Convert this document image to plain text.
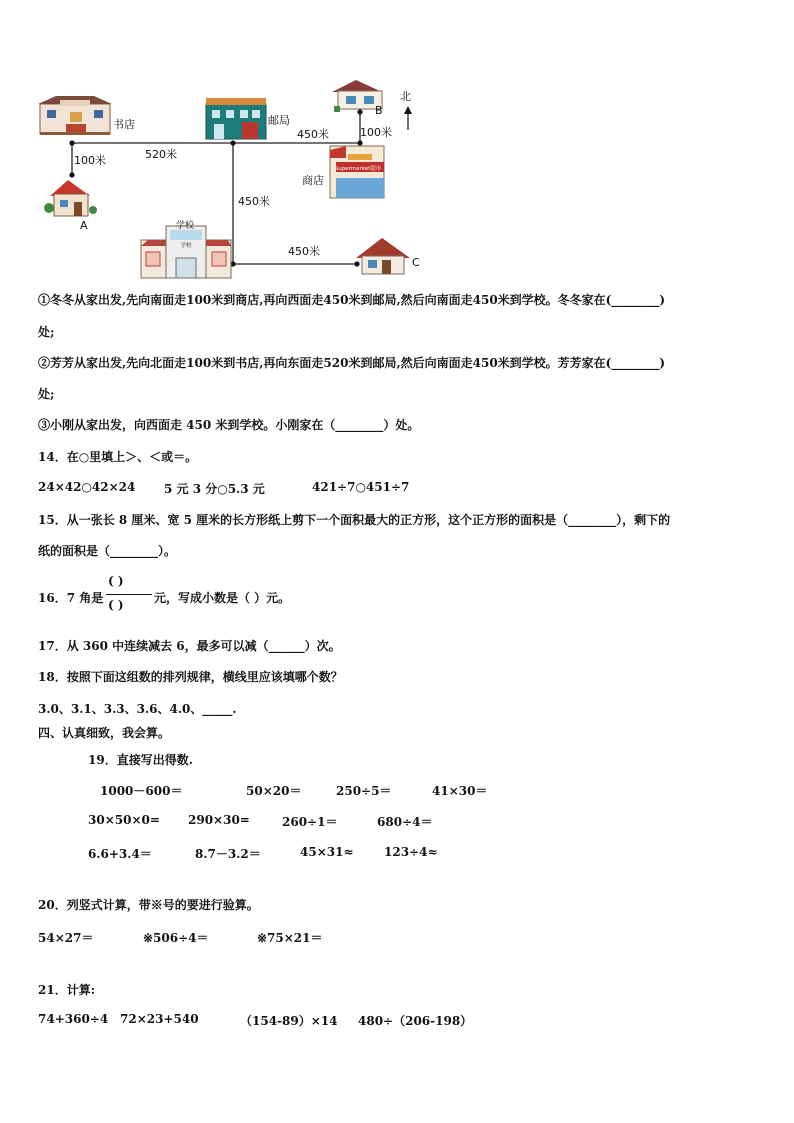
Supermarket超市
学校
书店	邮局
商店
学校
A
B
C
北
100米	520米
450米	100米
450米
450米
①冬冬从家出发,先向南面走100米到商店,再向西面走450米到邮局,然后向南面走450米到学校。冬冬家在(________)
处;
②芳芳从家出发,先向北面走100米到书店,再向东面走520米到邮局,然后向南面走450米到学校。芳芳家在(________)
处;
③小刚从家出发，向西面走 450 米到学校。小刚家在（________）处。
14．在○里填上＞、＜或＝。
24×42○42×24 5 元 3 分○5.3 元	421÷7○451÷7
15．从一张长 8 厘米、宽 5 厘米的长方形纸上剪下一个面积最大的正方形，这个正方形的面积是（________），剩下的
纸的面积是（________）。
16．7 角是
( )
( )	元，写成小数是（ ）元。
17．从 360 中连续减去 6，最多可以减（______）次。
18．按照下面这组数的排列规律，横线里应该填哪个数？
3.0、3.1、3.3、3.6、4.0、_____.
四、认真细致，我会算。
19．直接写出得数.
1000－600＝	50×20＝	250÷5＝	41×30＝
30×50×0= 290×30=	260÷1＝	680÷4＝
6.6+3.4＝	8.7－3.2＝	45×31≈	123÷4≈
20．列竖式计算，带※号的要进行验算。
54×27＝	※506÷4＝	※75×21＝
21．计算:
74+360÷4 72×23+540	（154-89）×14 480÷（206-198）
